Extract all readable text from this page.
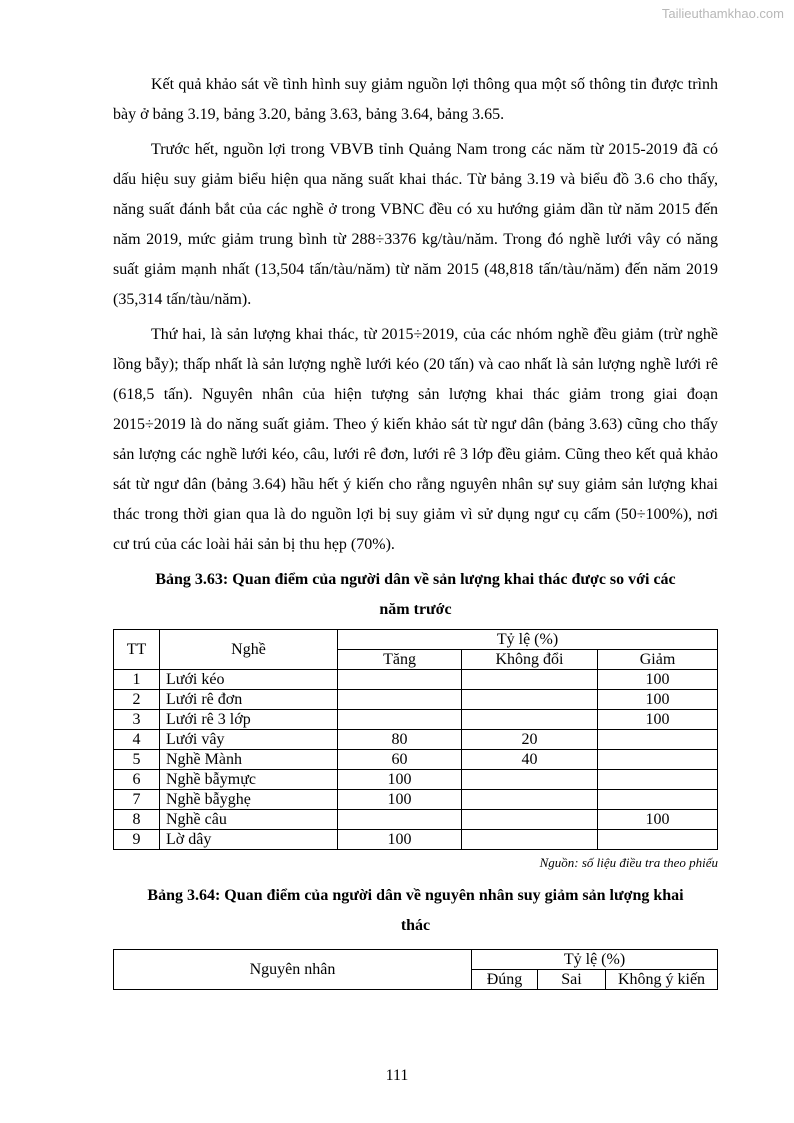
Tailieuthamkhao.com

Kết quả khảo sát về tình hình suy giảm nguồn lợi thông qua một số thông tin được trình bày ở bảng 3.19, bảng 3.20, bảng 3.63, bảng 3.64, bảng 3.65.

Trước hết, nguồn lợi trong VBVB tỉnh Quảng Nam trong các năm từ 2015-2019 đã có dấu hiệu suy giảm biểu hiện qua năng suất khai thác. Từ bảng 3.19 và biểu đồ 3.6 cho thấy, năng suất đánh bắt của các nghề ở trong VBNC đều có xu hướng giảm dần từ năm 2015 đến năm 2019, mức giảm trung bình từ 288÷3376 kg/tàu/năm. Trong đó nghề lưới vây có năng suất giảm mạnh nhất (13,504 tấn/tàu/năm) từ năm 2015 (48,818 tấn/tàu/năm) đến năm 2019 (35,314 tấn/tàu/năm).

Thứ hai, là sản lượng khai thác, từ 2015÷2019, của các nhóm nghề đều giảm (trừ nghề lồng bẫy); thấp nhất là sản lượng nghề lưới kéo (20 tấn) và cao nhất là sản lượng nghề lưới rê (618,5 tấn). Nguyên nhân của hiện tượng sản lượng khai thác giảm trong giai đoạn 2015÷2019 là do năng suất giảm. Theo ý kiến khảo sát từ ngư dân (bảng 3.63) cũng cho thấy sản lượng các nghề lưới kéo, câu, lưới rê đơn, lưới rê 3 lớp đều giảm. Cũng theo kết quả khảo sát từ ngư dân (bảng 3.64) hầu hết ý kiến cho rằng nguyên nhân sự suy giảm sản lượng khai thác trong thời gian qua là do nguồn lợi bị suy giảm vì sử dụng ngư cụ cấm (50÷100%), nơi cư trú của các loài hải sản bị thu hẹp (70%).

Bảng 3.63: Quan điểm của người dân về sản lượng khai thác được so với các
năm trước
TT	Nghề	Tỷ lệ (%)		
		Tăng	Không đổi	Giảm
1	Lưới kéo			100
2	Lưới rê đơn			100
3	Lưới rê 3 lớp			100
4	Lưới vây	80	20	
5	Nghề Mành	60	40	
6	Nghề bẫymực	100		
7	Nghề bẫyghẹ	100		
8	Nghề câu			100
9	Lờ dây	100		
Nguồn: số liệu điều tra theo phiếu
Bảng 3.64: Quan điểm của người dân về nguyên nhân suy giảm sản lượng khai
thác
Nguyên nhân	Tỷ lệ (%)		
	Đúng	Sai	Không ý kiến
111
